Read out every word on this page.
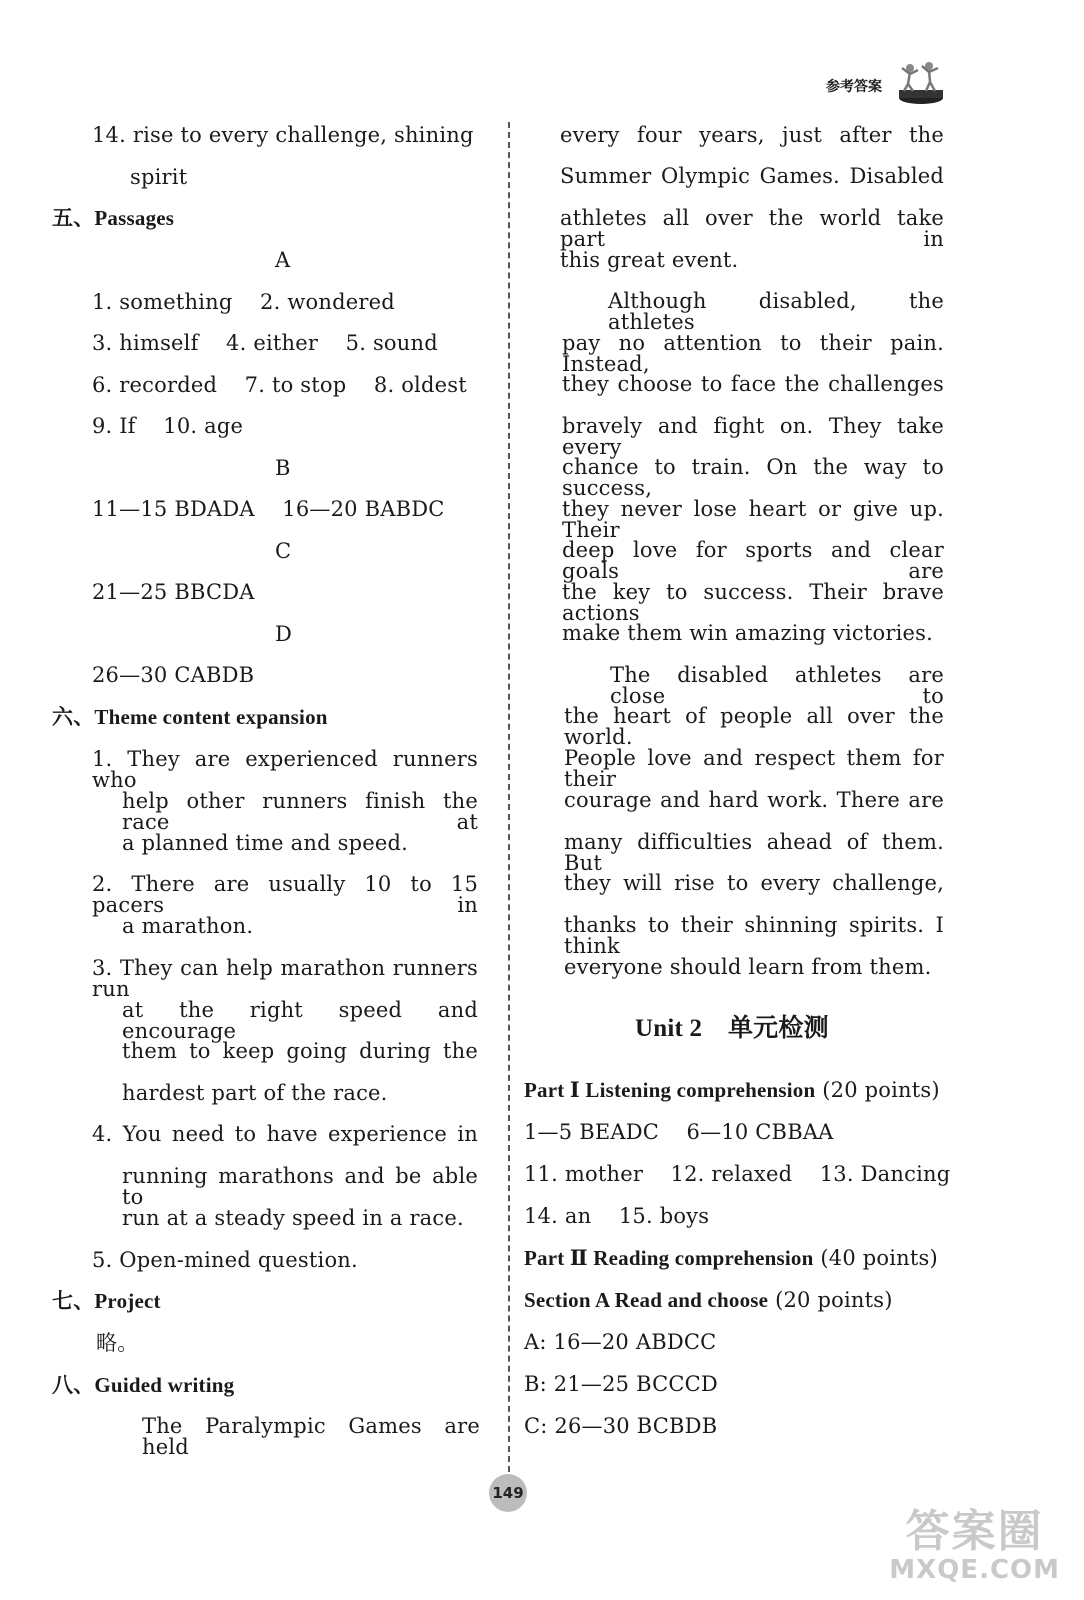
参考答案
14. rise to every challenge, shining
spirit
五、Passages
A
1. something    2. wondered
3. himself    4. either    5. sound
6. recorded    7. to stop    8. oldest
9. If    10. age
B
11—15 BDADA    16—20 BABDC
C
21—25 BBCDA
D
26—30 CABDB
六、Theme content expansion
1. They are experienced runners who
help other runners finish the race at
a planned time and speed.
2. There are usually 10 to 15 pacers in
a marathon.
3. They can help marathon runners run
at the right speed and encourage
them to keep going during the
hardest part of the race.
4. You need to have experience in
running marathons and be able to
run at a steady speed in a race.
5. Open-mined question.
七、Project
略。
八、Guided writing
The Paralympic Games are held
every four years, just after the
Summer Olympic Games. Disabled
athletes all over the world take part in
this great event.
Although disabled, the athletes
pay no attention to their pain. Instead,
they choose to face the challenges
bravely and fight on. They take every
chance to train. On the way to success,
they never lose heart or give up. Their
deep love for sports and clear goals are
the key to success. Their brave actions
make them win amazing victories.
The disabled athletes are close to
the heart of people all over the world.
People love and respect them for their
courage and hard work. There are
many difficulties ahead of them. But
they will rise to every challenge,
thanks to their shinning spirits. I think
everyone should learn from them.
Unit 2    单元检测
Part Ⅰ Listening comprehension (20 points)
1—5 BEADC    6—10 CBBAA
11. mother    12. relaxed    13. Dancing
14. an    15. boys
Part Ⅱ Reading comprehension (40 points)
Section A Read and choose (20 points)
A: 16—20 ABDCC
B: 21—25 BCCCD
C: 26—30 BCBDB
149
答案圈
MXQE.COM
